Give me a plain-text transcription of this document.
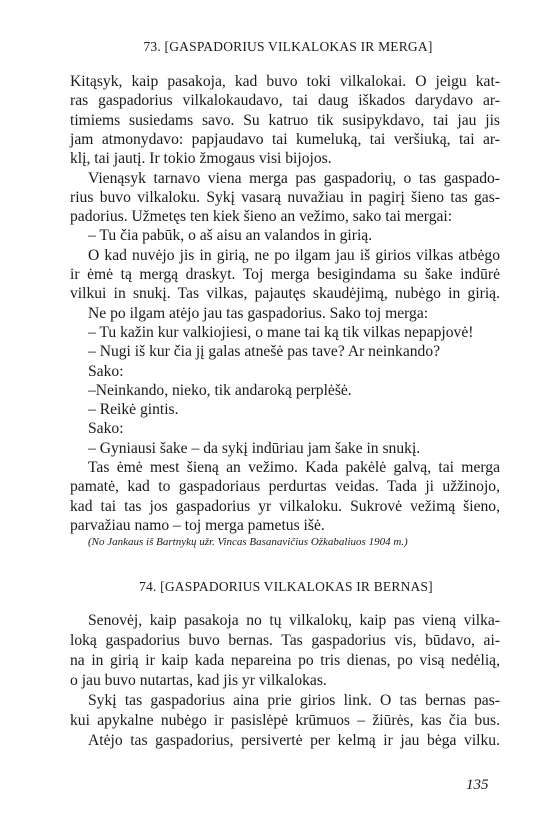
73. [GASPADORIUS VILKALOKAS IR MERGA]
Kitąsyk, kaip pasakoja, kad buvo toki vilkalokai. O jeigu kat-
ras gaspadorius vilkalokaudavo, tai daug iškados darydavo ar-
timiems susiedams savo. Su katruo tik susipykdavo, tai jau jis
jam atmonydavo: papjaudavo tai kumeluką, tai veršiuką, tai ar-
klį, tai jautį. Ir tokio žmogaus visi bijojos.
Vienąsyk tarnavo viena merga pas gaspadorių, o tas gaspado-
rius buvo vilkaloku. Sykį vasarą nuvažiau in pagirį šieno tas gas-
padorius. Užmetęs ten kiek šieno an vežimo, sako tai mergai:
– Tu čia pabūk, o aš aisu an valandos in girią.
O kad nuvėjo jis in girią, ne po ilgam jau iš girios vilkas atbėgo
ir ėmė tą mergą draskyt. Toj merga besigindama su šake indūrė
vilkui in snukį. Tas vilkas, pajautęs skaudėjimą, nubėgo in girią.
Ne po ilgam atėjo jau tas gaspadorius. Sako toj merga:
– Tu kažin kur valkiojiesi, o mane tai ką tik vilkas nepapjovė!
– Nugi iš kur čia jį galas atnešė pas tave? Ar neinkando?
Sako:
–Neinkando, nieko, tik andaroką perplėšė.
– Reikė gintis.
Sako:
– Gyniausi šake – da sykį indūriau jam šake in snukį.
Tas ėmė mest šieną an vežimo. Kada pakėlė galvą, tai merga
pamatė, kad to gaspadoriaus perdurtas veidas. Tada ji užžinojo,
kad tai tas jos gaspadorius yr vilkaloku. Sukrovė vežimą šieno,
parvažiau namo – toj merga pametus išė.
(No Jankaus iš Bartnykų užr. Vincas Basanavičius Ožkabaliuos 1904 m.)
74. [GASPADORIUS VILKALOKAS IR BERNAS]
Senovėj, kaip pasakoja no tų vilkalokų, kaip pas vieną vilka-
loką gaspadorius buvo bernas. Tas gaspadorius vis, būdavo, ai-
na in girią ir kaip kada nepareina po tris dienas, po visą nedėlią,
o jau buvo nutartas, kad jis yr vilkalokas.
Sykį tas gaspadorius aina prie girios link. O tas bernas pas-
kui apykalne nubėgo ir pasislėpė krūmuos – žiūrės, kas čia bus.
Atėjo tas gaspadorius, persivertė per kelmą ir jau bėga vilku.
135
